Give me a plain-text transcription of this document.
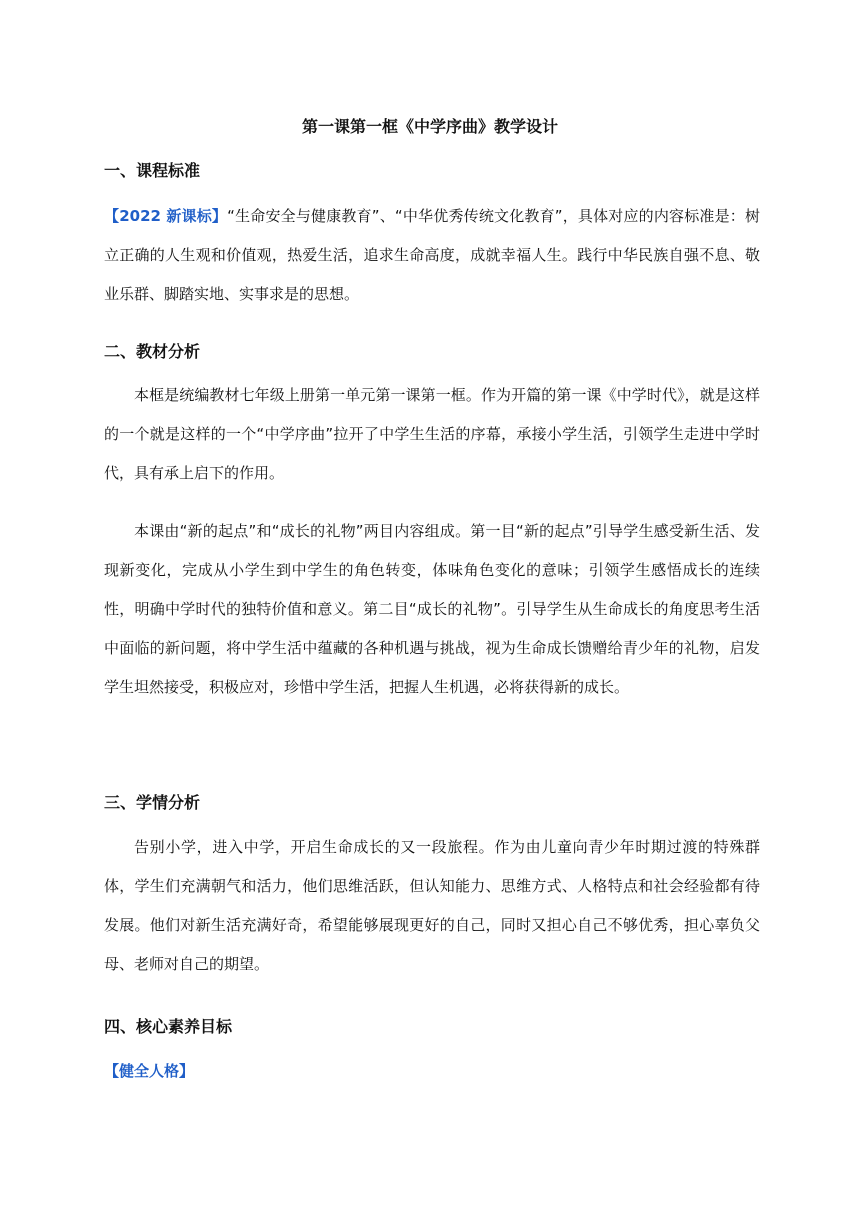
第一课第一框《中学序曲》教学设计
一、课程标准

【2022 新课标】“生命安全与健康教育”、“中华优秀传统文化教育”，具体对应的内容标准是：树立正确的人生观和价值观，热爱生活，追求生命高度，成就幸福人生。践行中华民族自强不息、敬业乐群、脚踏实地、实事求是的思想。

二、教材分析

本框是统编教材七年级上册第一单元第一课第一框。作为开篇的第一课《中学时代》，就是这样的一个就是这样的一个“中学序曲”拉开了中学生生活的序幕，承接小学生活，引领学生走进中学时代，具有承上启下的作用。

本课由“新的起点”和“成长的礼物”两目内容组成。第一目“新的起点”引导学生感受新生活、发现新变化，完成从小学生到中学生的角色转变，体味角色变化的意味；引领学生感悟成长的连续性，明确中学时代的独特价值和意义。第二目“成长的礼物”。引导学生从生命成长的角度思考生活中面临的新问题，将中学生活中蕴藏的各种机遇与挑战，视为生命成长馈赠给青少年的礼物，启发学生坦然接受，积极应对，珍惜中学生活，把握人生机遇，必将获得新的成长。

三、学情分析

告别小学，进入中学，开启生命成长的又一段旅程。作为由儿童向青少年时期过渡的特殊群体，学生们充满朝气和活力，他们思维活跃，但认知能力、思维方式、人格特点和社会经验都有待发展。他们对新生活充满好奇，希望能够展现更好的自己，同时又担心自己不够优秀，担心辜负父母、老师对自己的期望。

四、核心素养目标
【健全人格】
